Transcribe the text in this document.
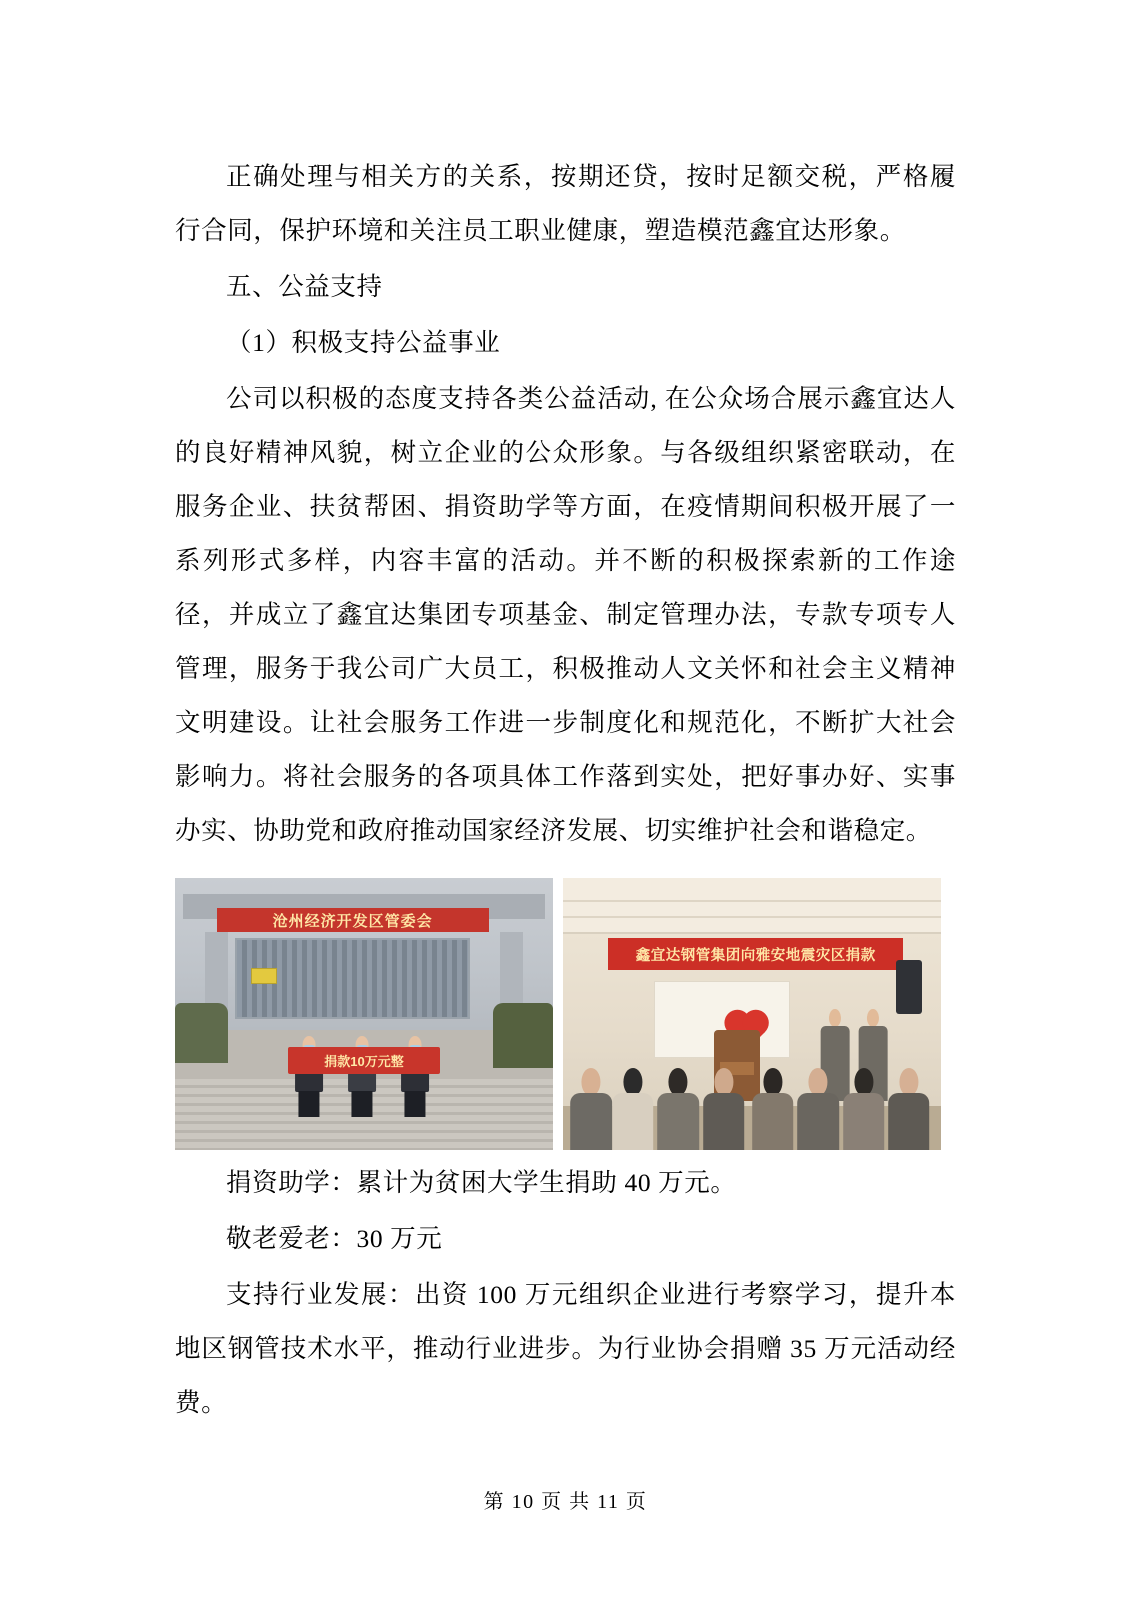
正确处理与相关方的关系，按期还贷，按时足额交税，严格履行合同，保护环境和关注员工职业健康，塑造模范鑫宜达形象。

五、公益支持

（1）积极支持公益事业

公司以积极的态度支持各类公益活动, 在公众场合展示鑫宜达人的良好精神风貌，树立企业的公众形象。与各级组织紧密联动，在服务企业、扶贫帮困、捐资助学等方面，在疫情期间积极开展了一系列形式多样，内容丰富的活动。并不断的积极探索新的工作途径，并成立了鑫宜达集团专项基金、制定管理办法，专款专项专人管理，服务于我公司广大员工，积极推动人文关怀和社会主义精神文明建设。让社会服务工作进一步制度化和规范化，不断扩大社会影响力。将社会服务的各项具体工作落到实处，把好事办好、实事办实、协助党和政府推动国家经济发展、切实维护社会和谐稳定。

沧州经济开发区管委会
捐款10万元整
鑫宜达钢管集团向雅安地震灾区捐款

捐资助学：累计为贫困大学生捐助 40 万元。

敬老爱老：30 万元

支持行业发展：出资 100 万元组织企业进行考察学习，提升本地区钢管技术水平，推动行业进步。为行业协会捐赠 35 万元活动经费。

第 10 页 共 11 页
